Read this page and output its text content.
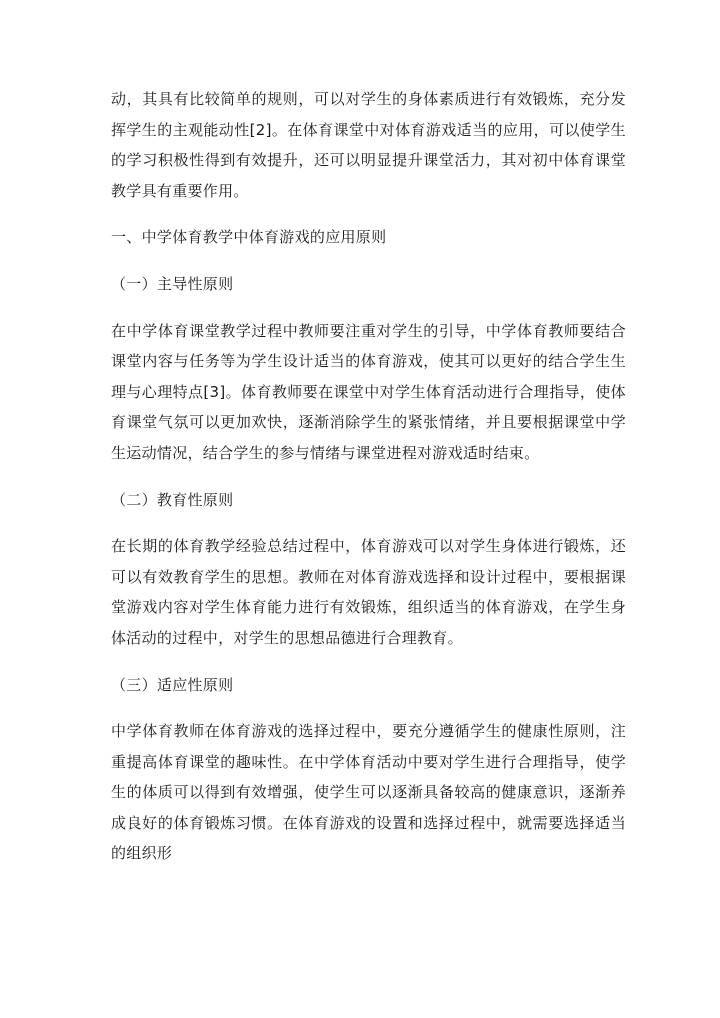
动，其具有比较简单的规则，可以对学生的身体素质进行有效锻炼，充分发挥学生的主观能动性[2]。在体育课堂中对体育游戏适当的应用，可以使学生的学习积极性得到有效提升，还可以明显提升课堂活力，其对初中体育课堂教学具有重要作用。

一、中学体育教学中体育游戏的应用原则

（一）主导性原则

在中学体育课堂教学过程中教师要注重对学生的引导，中学体育教师要结合课堂内容与任务等为学生设计适当的体育游戏，使其可以更好的结合学生生理与心理特点[3]。体育教师要在课堂中对学生体育活动进行合理指导，使体育课堂气氛可以更加欢快，逐渐消除学生的紧张情绪，并且要根据课堂中学生运动情况，结合学生的参与情绪与课堂进程对游戏适时结束。

（二）教育性原则

在长期的体育教学经验总结过程中，体育游戏可以对学生身体进行锻炼，还可以有效教育学生的思想。教师在对体育游戏选择和设计过程中，要根据课堂游戏内容对学生体育能力进行有效锻炼，组织适当的体育游戏，在学生身体活动的过程中，对学生的思想品德进行合理教育。

（三）适应性原则

中学体育教师在体育游戏的选择过程中，要充分遵循学生的健康性原则，注重提高体育课堂的趣味性。在中学体育活动中要对学生进行合理指导，使学生的体质可以得到有效增强，使学生可以逐渐具备较高的健康意识，逐渐养成良好的体育锻炼习惯。在体育游戏的设置和选择过程中，就需要选择适当的组织形
